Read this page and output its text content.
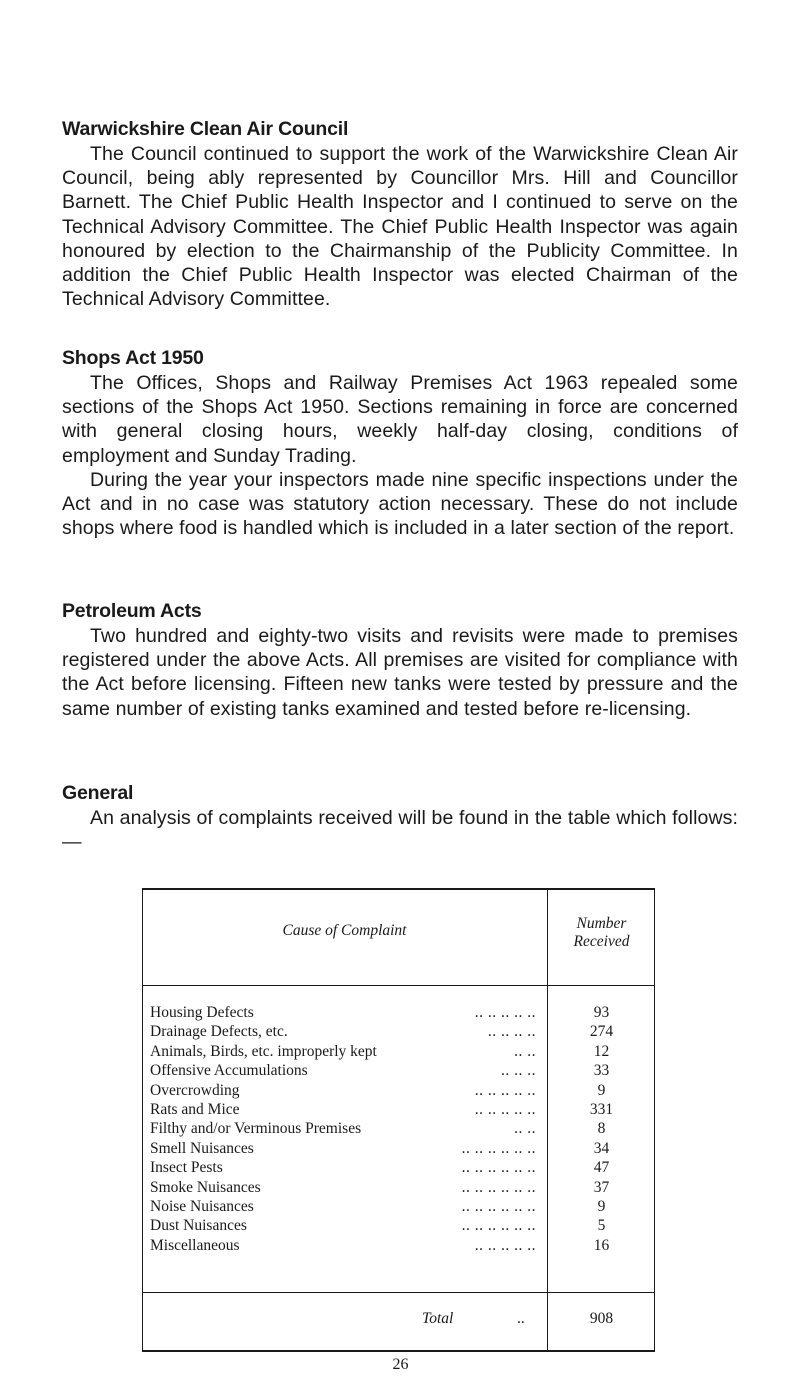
Warwickshire Clean Air Council

The Council continued to support the work of the Warwickshire Clean Air Council, being ably represented by Councillor Mrs. Hill and Councillor Barnett. The Chief Public Health Inspector and I continued to serve on the Technical Advisory Committee. The Chief Public Health Inspector was again honoured by election to the Chairmanship of the Publicity Committee. In addition the Chief Public Health Inspector was elected Chairman of the Technical Advisory Committee.

Shops Act 1950

The Offices, Shops and Railway Premises Act 1963 repealed some sections of the Shops Act 1950. Sections remaining in force are concerned with general closing hours, weekly half-day closing, conditions of employment and Sunday Trading.

During the year your inspectors made nine specific inspections under the Act and in no case was statutory action necessary. These do not include shops where food is handled which is included in a later section of the report.

Petroleum Acts

Two hundred and eighty-two visits and revisits were made to premises registered under the above Acts. All premises are visited for compliance with the Act before licensing. Fifteen new tanks were tested by pressure and the same number of existing tanks examined and tested before re-licensing.

General

An analysis of complaints received will be found in the table which follows:—

Cause of Complaint	Number Received
Housing Defects	.. .. .. .. ..	93
Drainage Defects, etc.	.. .. .. ..	274
Animals, Birds, etc. improperly kept	.. ..	12
Offensive Accumulations	.. .. ..	33
Overcrowding	.. .. .. .. ..	9
Rats and Mice	.. .. .. .. ..	331
Filthy and/or Verminous Premises	.. ..	8
Smell Nuisances	.. .. .. .. .. ..	34
Insect Pests	.. .. .. .. .. ..	47
Smoke Nuisances	.. .. .. .. .. ..	37
Noise Nuisances	.. .. .. .. .. ..	9
Dust Nuisances	.. .. .. .. .. ..	5
Miscellaneous	.. .. .. .. ..	16
Total	..	908
26
